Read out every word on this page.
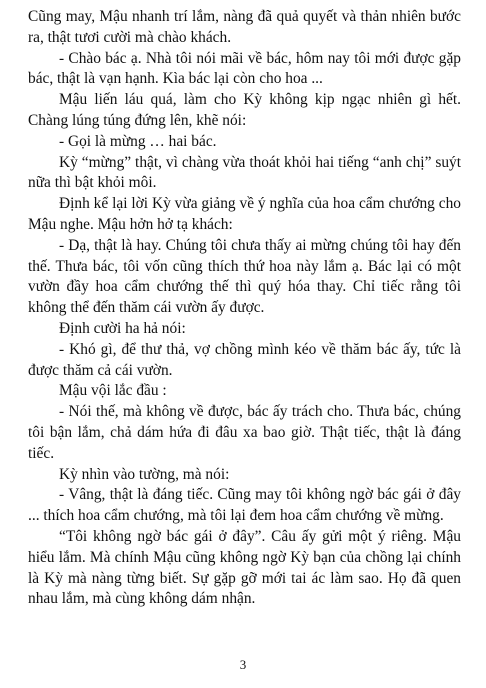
Cũng may, Mậu nhanh trí lắm, nàng đã quả quyết và thản nhiên bước ra, thật tươi cười mà chào khách.

- Chào bác ạ. Nhà tôi nói mãi về bác, hôm nay tôi mới được gặp bác, thật là vạn hạnh. Kìa bác lại còn cho hoa ...

Mậu liến láu quá, làm cho Kỳ không kịp ngạc nhiên gì hết. Chàng lúng túng đứng lên, khẽ nói:

- Gọi là mừng … hai bác.

Kỳ “mừng” thật, vì chàng vừa thoát khỏi hai tiếng “anh chị” suýt nữa thì bật khỏi môi.

Định kể lại lời Kỳ vừa giảng về ý nghĩa của hoa cẩm chướng cho Mậu nghe. Mậu hởn hở tạ khách:

- Dạ, thật là hay. Chúng tôi chưa thấy ai mừng chúng tôi hay đến thế. Thưa bác, tôi vốn cũng thích thứ hoa này lắm ạ. Bác lại có một vườn đầy hoa cẩm chướng thế thì quý hóa thay. Chỉ tiếc rằng tôi không thể đến thăm cái vườn ấy được.

Định cười ha hả nói:

- Khó gì, để thư thả, vợ chồng mình kéo về thăm bác ấy, tức là được thăm cả cái vườn.

Mậu vội lắc đầu :

- Nói thế, mà không về được, bác ấy trách cho. Thưa bác, chúng tôi bận lắm, chả dám hứa đi đâu xa bao giờ. Thật tiếc, thật là đáng tiếc.

Kỳ nhìn vào tường, mà nói:

- Vâng, thật là đáng tiếc. Cũng may tôi không ngờ bác gái ở đây ... thích hoa cẩm chướng, mà tôi lại đem hoa cẩm chướng về mừng.

“Tôi không ngờ bác gái ở đây”. Câu ấy gửi một ý riêng. Mậu hiểu lắm. Mà chính Mậu cũng không ngờ Kỳ bạn của chồng lại chính là Kỳ mà nàng từng biết. Sự gặp gỡ mới tai ác làm sao. Họ đã quen nhau lắm, mà cùng không dám nhận.

3
